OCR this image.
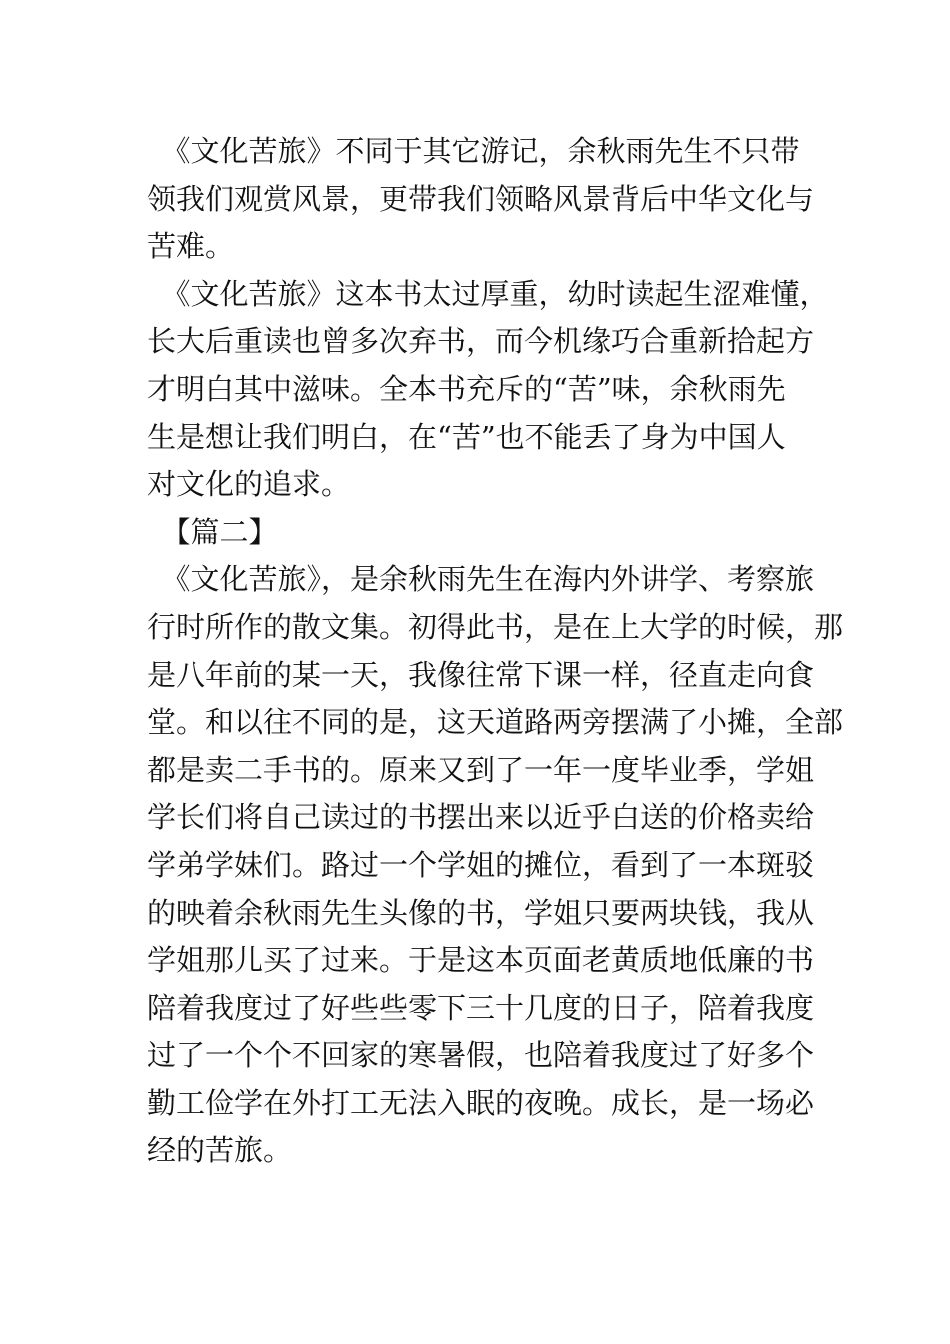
　《文化苦旅》不同于其它游记，余秋雨先生不只带
领我们观赏风景，更带我们领略风景背后中华文化与
苦难。
　《文化苦旅》这本书太过厚重，幼时读起生涩难懂，
长大后重读也曾多次弃书，而今机缘巧合重新拾起方
才明白其中滋味。全本书充斥的“苦”味，余秋雨先
生是想让我们明白，在“苦”也不能丢了身为中国人
对文化的追求。
　【篇二】
　《文化苦旅》，是余秋雨先生在海内外讲学、考察旅
行时所作的散文集。初得此书，是在上大学的时候，那
是八年前的某一天，我像往常下课一样，径直走向食
堂。和以往不同的是，这天道路两旁摆满了小摊，全部
都是卖二手书的。原来又到了一年一度毕业季，学姐
学长们将自己读过的书摆出来以近乎白送的价格卖给
学弟学妹们。路过一个学姐的摊位，看到了一本斑驳
的映着余秋雨先生头像的书，学姐只要两块钱，我从
学姐那儿买了过来。于是这本页面老黄质地低廉的书
陪着我度过了好些些零下三十几度的日子，陪着我度
过了一个个不回家的寒暑假，也陪着我度过了好多个
勤工俭学在外打工无法入眠的夜晚。成长，是一场必
经的苦旅。
